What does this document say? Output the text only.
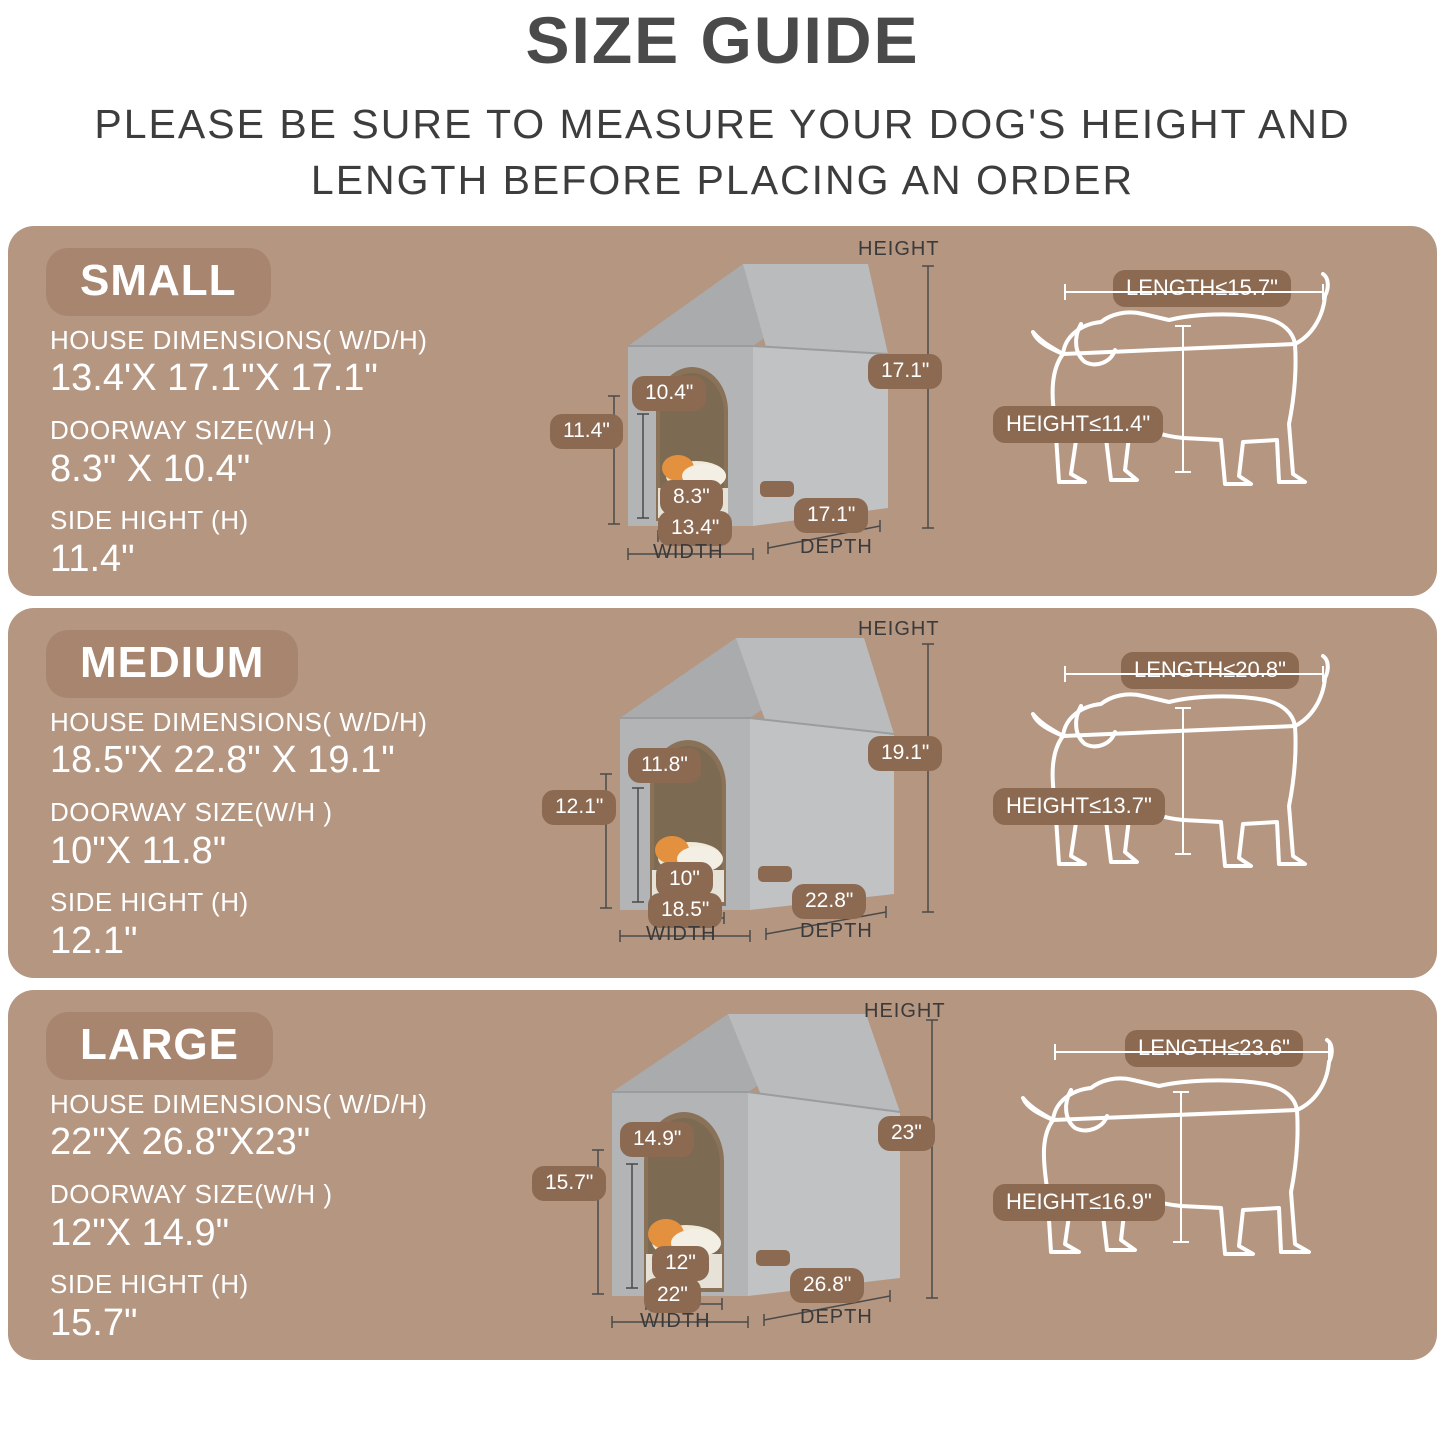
SIZE GUIDE

PLEASE BE SURE TO MEASURE YOUR DOG'S HEIGHT AND LENGTH BEFORE PLACING AN ORDER

SMALL
HOUSE DIMENSIONS( W/D/H)
13.4'X 17.1"X 17.1"
DOORWAY SIZE(W/H )
8.3" X 10.4"
SIDE HIGHT (H)
11.4"
10.4"
11.4"
8.3"
13.4"
17.1"
17.1"
HEIGHT
WIDTH	DEPTH
LENGTH≤15.7"
HEIGHT≤11.4"
MEDIUM
HOUSE DIMENSIONS( W/D/H)
18.5"X 22.8" X 19.1"
DOORWAY SIZE(W/H )
10"X 11.8"
SIDE HIGHT (H)
12.1"
11.8"
12.1"
10"
18.5"	22.8"
19.1"
HEIGHT
WIDTH	DEPTH
LENGTH≤20.8"
HEIGHT≤13.7"
LARGE
HOUSE DIMENSIONS( W/D/H)
22"X 26.8"X23"
DOORWAY SIZE(W/H )
12"X 14.9"
SIDE HIGHT (H)
15.7"
14.9"
15.7"
12"
22"	26.8"
23"
HEIGHT
WIDTH	DEPTH
LENGTH≤23.6"
HEIGHT≤16.9"
